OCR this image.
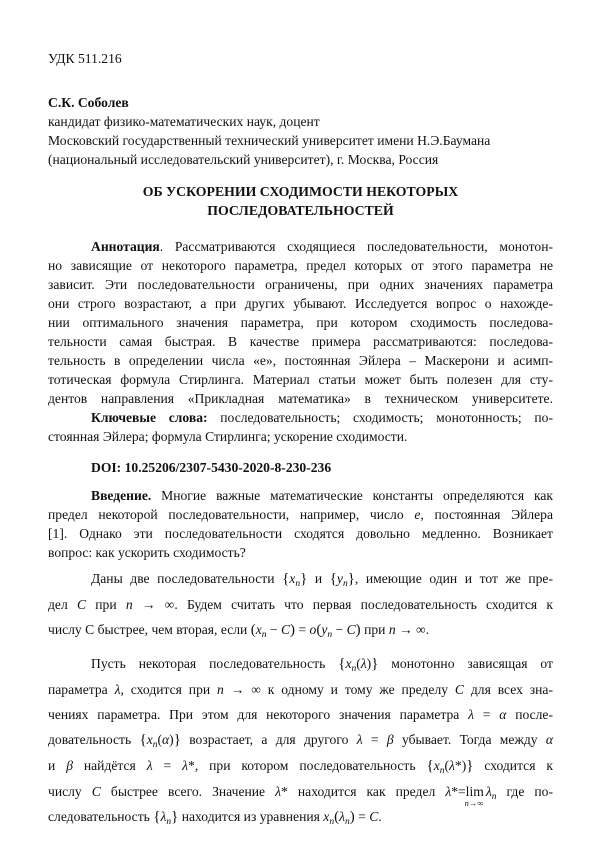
УДК 511.216
С.К. Соболев
кандидат физико-математических наук, доцент
Московский государственный технический университет имени Н.Э.Баумана
(национальный исследовательский университет), г. Москва, Россия
ОБ УСКОРЕНИИ СХОДИМОСТИ НЕКОТОРЫХ
ПОСЛЕДОВАТЕЛЬНОСТЕЙ
Аннотация. Рассматриваются сходящиеся последовательности, монотон-
но зависящие от некоторого параметра, предел которых от этого параметра не
зависит. Эти последовательности ограничены, при одних значениях параметра
они строго возрастают, а при других убывают. Исследуется вопрос о нахожде-
нии оптимального значения параметра, при котором сходимость последова-
тельности самая быстрая. В качестве примера рассматриваются: последова-
тельность в определении числа «e», постоянная Эйлера – Маскерони и асимп-
тотическая формула Стирлинга. Материал статьи может быть полезен для сту-
дентов направления «Прикладная математика» в техническом университете.
Ключевые слова: последовательность; сходимость; монотонность; по-
стоянная Эйлера; формула Стирлинга; ускорение сходимости.
DOI: 10.25206/2307-5430-2020-8-230-236
Введение. Многие важные математические константы определяются как
предел некоторой последовательности, например, число e, постоянная Эйлера
[1]. Однако эти последовательности сходятся довольно медленно. Возникает
вопрос: как ускорить сходимость?
Даны две последовательности $\{x_n\}$ и $\{y_n\}$, имеющие один и тот же пре-
дел C при n → ∞. Будем считать что первая последовательность сходится к
числу С быстрее, чем вторая, если $(x_n - C) = o(y_n - C)$ при n → ∞.
Пусть некоторая последовательность $\{x_n(\lambda)\}$ монотонно зависящая от
параметра λ, сходится при n → ∞ к одному и тому же пределу C для всех зна-
чениях параметра. При этом для некоторого значения параметра λ = α после-
довательность $\{x_n(\alpha)\}$ возрастает, а для другого λ = β убывает. Тогда между α
и β найдётся λ = λ*, при котором последовательность $\{x_n(\lambda*)\}$ сходится к
числу C быстрее всего. Значение λ* находится как предел λ*=lim
n→∞
$\lambda_n$ где по-
следовательность $\{\lambda_n\}$ находится из уравнения $x_n(\lambda_n) = C$.
